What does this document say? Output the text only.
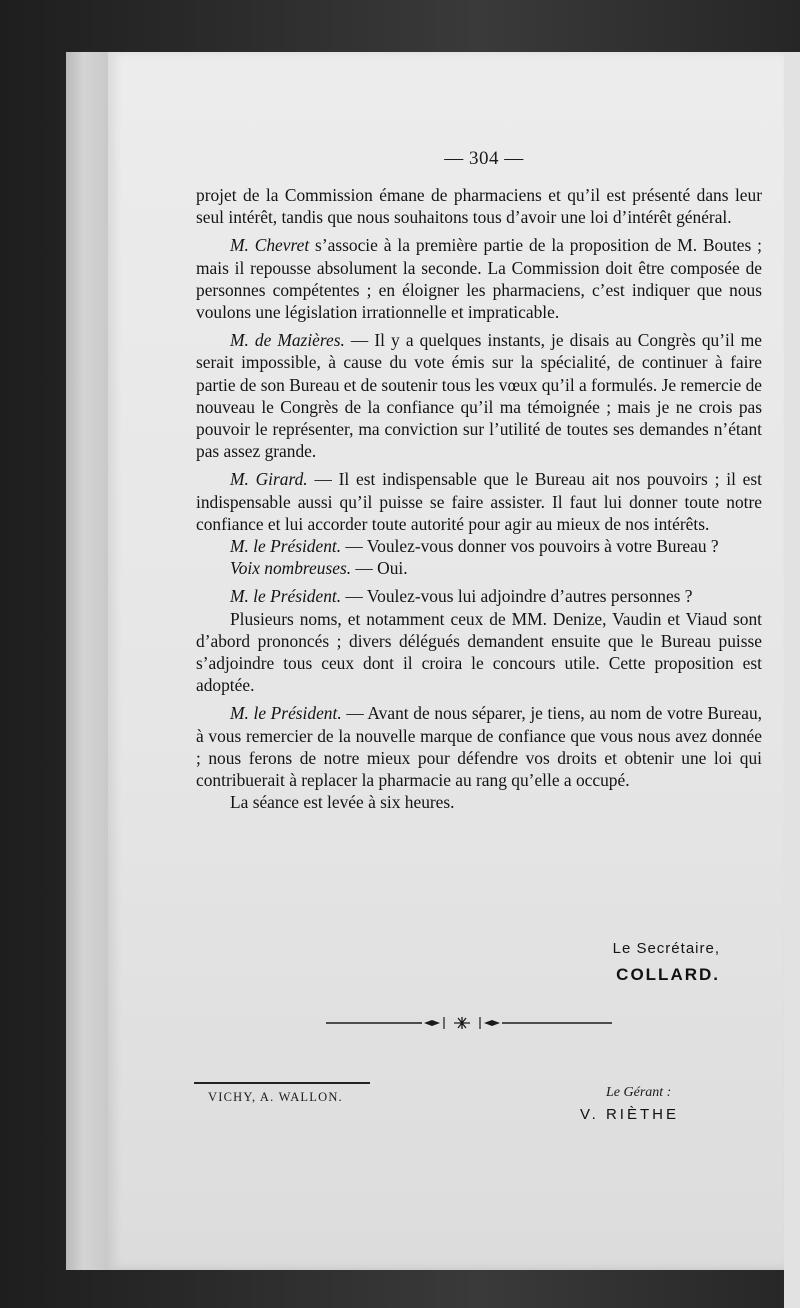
— 304 —

projet de la Commission émane de pharmaciens et qu’il est présenté dans leur seul intérêt, tandis que nous souhaitons tous d’avoir une loi d’intérêt général.

M. Chevret s’associe à la première partie de la proposition de M. Boutes ; mais il repousse absolument la seconde. La Commission doit être composée de personnes compétentes ; en éloigner les pharmaciens, c’est indiquer que nous voulons une législation irrationnelle et impraticable.

M. de Mazières. — Il y a quelques instants, je disais au Congrès qu’il me serait impossible, à cause du vote émis sur la spécialité, de continuer à faire partie de son Bureau et de soutenir tous les vœux qu’il a formulés. Je remercie de nouveau le Congrès de la confiance qu’il ma témoignée ; mais je ne crois pas pouvoir le représenter, ma conviction sur l’utilité de toutes ses demandes n’étant pas assez grande.

M. Girard. — Il est indispensable que le Bureau ait nos pouvoirs ; il est indispensable aussi qu’il puisse se faire assister. Il faut lui donner toute notre confiance et lui accorder toute autorité pour agir au mieux de nos intérêts.

M. le Président. — Voulez-vous donner vos pouvoirs à votre Bureau ?

Voix nombreuses. — Oui.

M. le Président. — Voulez-vous lui adjoindre d’autres personnes ?

Plusieurs noms, et notamment ceux de MM. Denize, Vaudin et Viaud sont d’abord prononcés ; divers délégués demandent ensuite que le Bureau puisse s’adjoindre tous ceux dont il croira le concours utile. Cette proposition est adoptée.

M. le Président. — Avant de nous séparer, je tiens, au nom de votre Bureau, à vous remercier de la nouvelle marque de confiance que vous nous avez donnée ; nous ferons de notre mieux pour défendre vos droits et obtenir une loi qui contribuerait à replacer la pharmacie au rang qu’elle a occupé.

La séance est levée à six heures.

Le Secrétaire,
COLLARD.
VICHY, A. WALLON.	Le Gérant :
V. RIÈTHE
